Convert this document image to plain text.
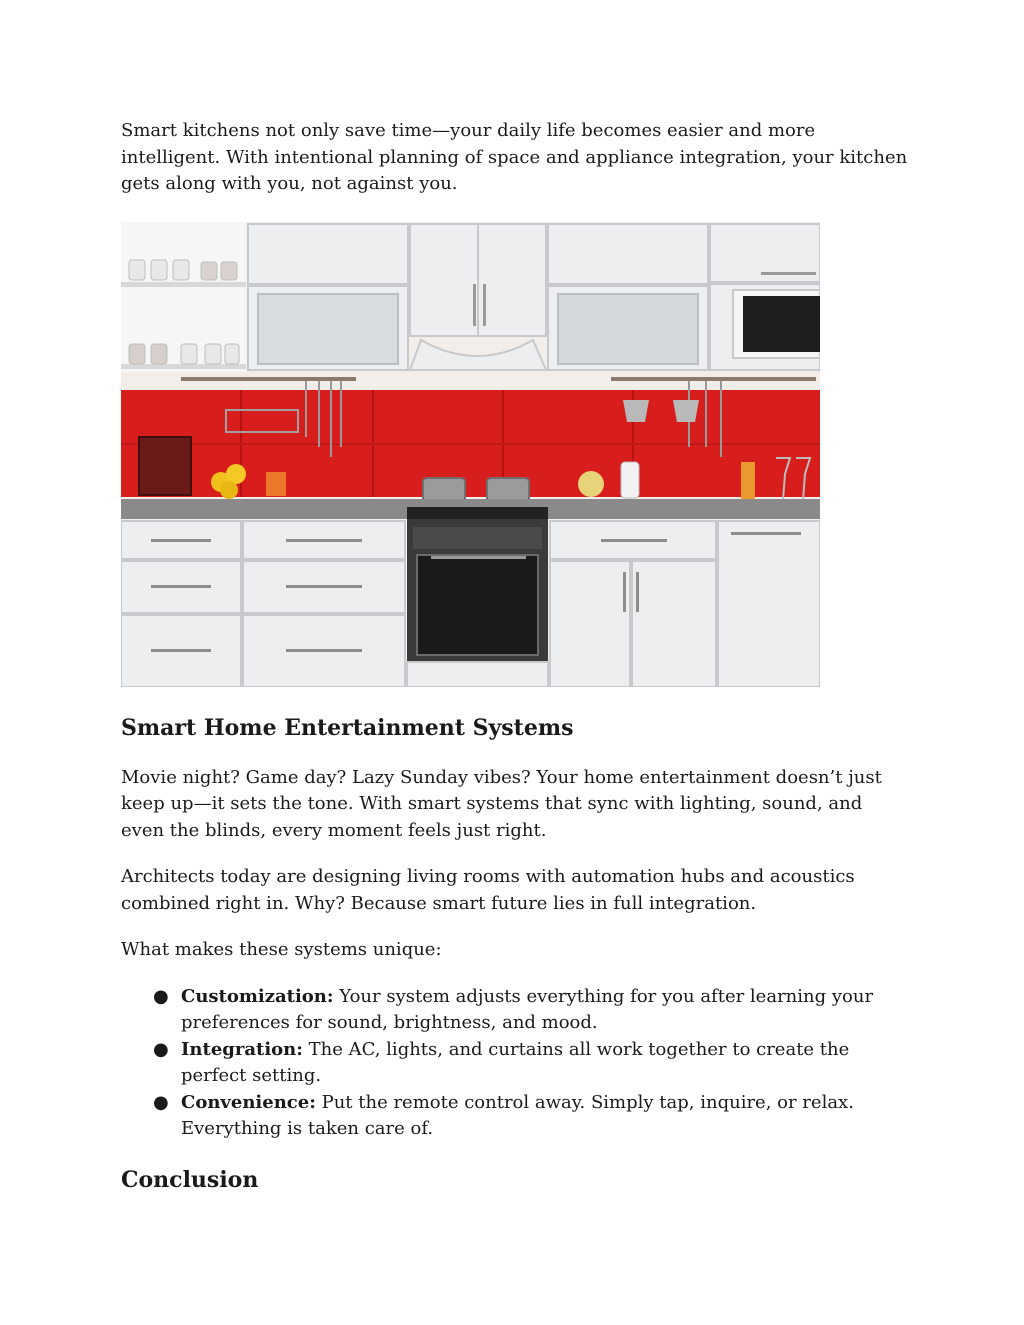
Smart kitchens not only save time—your daily life becomes easier and more intelligent. With intentional planning of space and appliance integration, your kitchen gets along with you, not against you.

Smart Home Entertainment Systems

Movie night? Game day? Lazy Sunday vibes? Your home entertainment doesn’t just keep up—it sets the tone. With smart systems that sync with lighting, sound, and even the blinds, every moment feels just right.

Architects today are designing living rooms with automation hubs and acoustics combined right in. Why? Because smart future lies in full integration.

What makes these systems unique:

● Customization: Your system adjusts everything for you after learning your preferences for sound, brightness, and mood.
● Integration: The AC, lights, and curtains all work together to create the perfect setting.
● Convenience: Put the remote control away. Simply tap, inquire, or relax. Everything is taken care of.
Conclusion
